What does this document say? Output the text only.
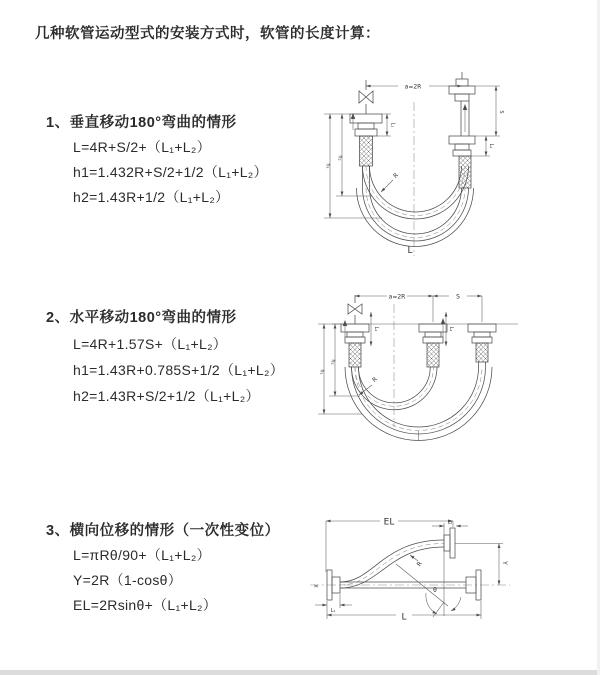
几种软管运动型式的安装方式时，软管的长度计算：
1、垂直移动180°弯曲的情形
L=4R+S/2+（L₁+L₂）
h1=1.432R+S/2+1/2（L₁+L₂）
h2=1.43R+1/2（L₁+L₂）
2、水平移动180°弯曲的情形
L=4R+1.57S+（L₁+L₂）
h1=1.43R+0.785S+1/2（L₁+L₂）
h2=1.43R+S/2+1/2（L₁+L₂）
3、横向位移的情形（一次性变位）
L=πRθ/90+（L₁+L₂）
Y=2R（1-cosθ）
EL=2Rsinθ+（L₁+L₂）
a=2R
L₁
S
L₂
h₁
h₂
R
L
a=2R	S
L₁	L₂
h₁
h₂
R
EL	L₂
Y
X
R
θ
L
L₁
